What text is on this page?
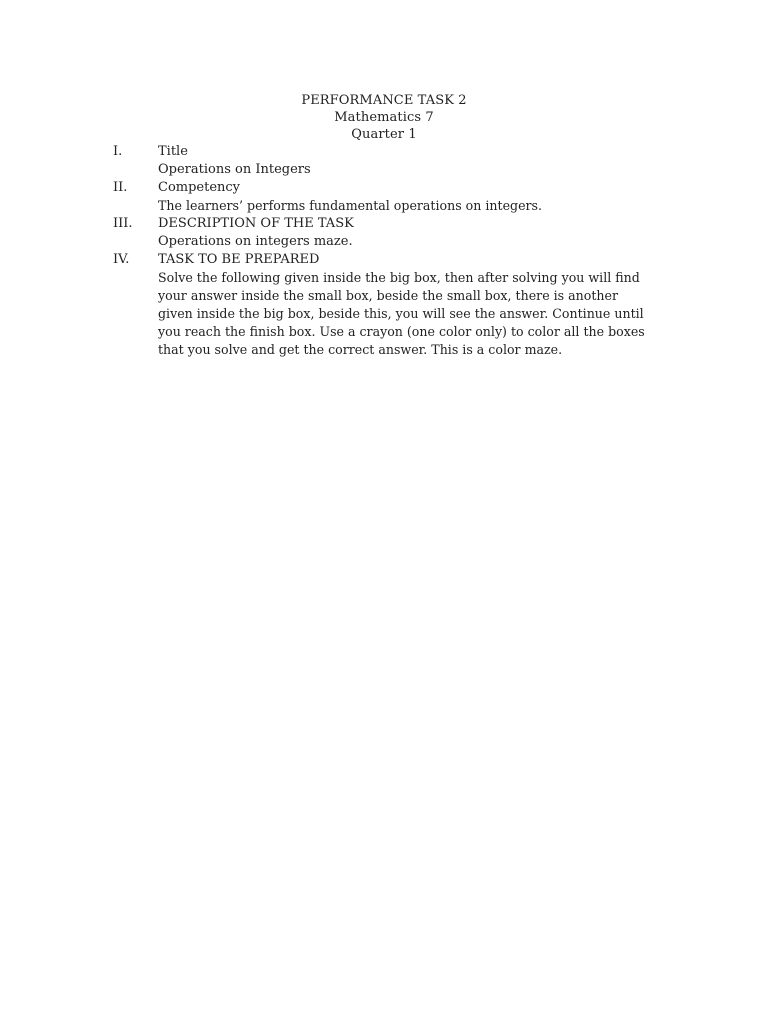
PERFORMANCE TASK 2
Mathematics 7
Quarter 1
I.	Title
Operations on Integers
II.	Competency
The learners’ performs fundamental operations on integers.
III.	DESCRIPTION OF THE TASK
Operations on integers maze.
IV.	TASK TO BE PREPARED
Solve the following given inside the big box, then after solving you will find
your answer inside the small box, beside the small box, there is another
given inside the big box, beside this, you will see the answer. Continue until
you reach the finish box. Use a crayon (one color only) to color all the boxes
that you solve and get the correct answer. This is a color maze.
